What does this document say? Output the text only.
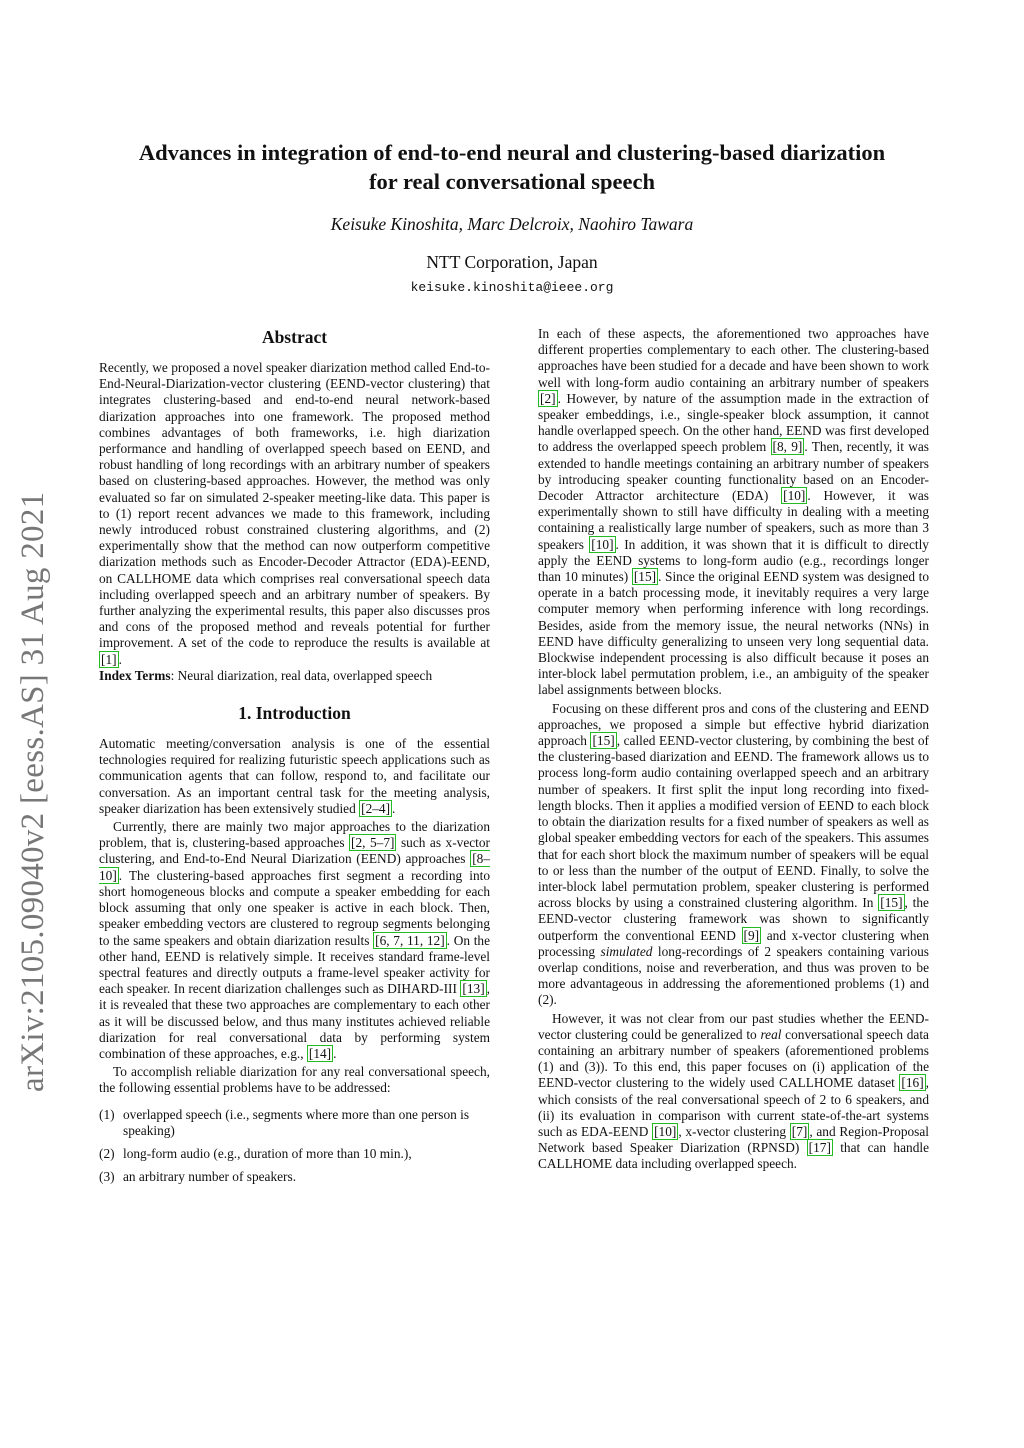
Advances in integration of end-to-end neural and clustering-based diarization
for real conversational speech
Keisuke Kinoshita, Marc Delcroix, Naohiro Tawara
NTT Corporation, Japan
keisuke.kinoshita@ieee.org
arXiv:2105.09040v2 [eess.AS] 31 Aug 2021
Abstract

Recently, we proposed a novel speaker diarization method called End-to-End-Neural-Diarization-vector clustering (EEND-vector clustering) that integrates clustering-based and end-to-end neural network-based diarization approaches into one framework. The proposed method combines advantages of both frameworks, i.e. high diarization performance and handling of overlapped speech based on EEND, and robust handling of long recordings with an arbitrary number of speakers based on clustering-based approaches. However, the method was only evaluated so far on simulated 2-speaker meeting-like data. This paper is to (1) report recent advances we made to this framework, including newly introduced robust constrained clustering algorithms, and (2) experimentally show that the method can now outperform competitive diarization methods such as Encoder-Decoder Attractor (EDA)-EEND, on CALLHOME data which comprises real conversational speech data including overlapped speech and an arbitrary number of speakers. By further analyzing the experimental results, this paper also discusses pros and cons of the proposed method and reveals potential for further improvement. A set of the code to reproduce the results is available at [1] .

Index Terms: Neural diarization, real data, overlapped speech

1. Introduction

Automatic meeting/conversation analysis is one of the essential technologies required for realizing futuristic speech applications such as communication agents that can follow, respond to, and facilitate our conversation. As an important central task for the meeting analysis, speaker diarization has been extensively studied [2–4] .

Currently, there are mainly two major approaches to the diarization problem, that is, clustering-based approaches [2, 5–7] such as x-vector clustering, and End-to-End Neural Diarization (EEND) approaches [8–10] . The clustering-based approaches first segment a recording into short homogeneous blocks and compute a speaker embedding for each block assuming that only one speaker is active in each block. Then, speaker embedding vectors are clustered to regroup segments belonging to the same speakers and obtain diarization results [6, 7, 11, 12] . On the other hand, EEND is relatively simple. It receives standard frame-level spectral features and directly outputs a frame-level speaker activity for each speaker. In recent diarization challenges such as DIHARD-III [13] , it is revealed that these two approaches are complementary to each other as it will be discussed below, and thus many institutes achieved reliable diarization for real conversational data by performing system combination of these approaches, e.g., [14] .

To accomplish reliable diarization for any real conversational speech, the following essential problems have to be addressed:

(1) overlapped speech (i.e., segments where more than one person is speaking)
(2) long-form audio (e.g., duration of more than 10 min.),
(3) an arbitrary number of speakers.

In each of these aspects, the aforementioned two approaches have different properties complementary to each other. The clustering-based approaches have been studied for a decade and have been shown to work well with long-form audio containing an arbitrary number of speakers [2] . However, by nature of the assumption made in the extraction of speaker embeddings, i.e., single-speaker block assumption, it cannot handle overlapped speech. On the other hand, EEND was first developed to address the overlapped speech problem [8, 9] . Then, recently, it was extended to handle meetings containing an arbitrary number of speakers by introducing speaker counting functionality based on an Encoder-Decoder Attractor architecture (EDA) [10] . However, it was experimentally shown to still have difficulty in dealing with a meeting containing a realistically large number of speakers, such as more than 3 speakers [10] . In addition, it was shown that it is difficult to directly apply the EEND systems to long-form audio (e.g., recordings longer than 10 minutes) [15] . Since the original EEND system was designed to operate in a batch processing mode, it inevitably requires a very large computer memory when performing inference with long recordings. Besides, aside from the memory issue, the neural networks (NNs) in EEND have difficulty generalizing to unseen very long sequential data. Blockwise independent processing is also difficult because it poses an inter-block label permutation problem, i.e., an ambiguity of the speaker label assignments between blocks.

Focusing on these different pros and cons of the clustering and EEND approaches, we proposed a simple but effective hybrid diarization approach [15] , called EEND-vector clustering, by combining the best of the clustering-based diarization and EEND. The framework allows us to process long-form audio containing overlapped speech and an arbitrary number of speakers. It first split the input long recording into fixed-length blocks. Then it applies a modified version of EEND to each block to obtain the diarization results for a fixed number of speakers as well as global speaker embedding vectors for each of the speakers. This assumes that for each short block the maximum number of speakers will be equal to or less than the number of the output of EEND. Finally, to solve the inter-block label permutation problem, speaker clustering is performed across blocks by using a constrained clustering algorithm. In [15] , the EEND-vector clustering framework was shown to significantly outperform the conventional EEND [9] and x-vector clustering when processing simulated long-recordings of 2 speakers containing various overlap conditions, noise and reverberation, and thus was proven to be more advantageous in addressing the aforementioned problems (1) and (2).

However, it was not clear from our past studies whether the EEND-vector clustering could be generalized to real conversational speech data containing an arbitrary number of speakers (aforementioned problems (1) and (3)). To this end, this paper focuses on (i) application of the EEND-vector clustering to the widely used CALLHOME dataset [16] , which consists of the real conversational speech of 2 to 6 speakers, and (ii) its evaluation in comparison with current state-of-the-art systems such as EDA-EEND [10] , x-vector clustering [7] , and Region-Proposal Network based Speaker Diarization (RPNSD) [17] that can handle CALLHOME data including overlapped speech.
